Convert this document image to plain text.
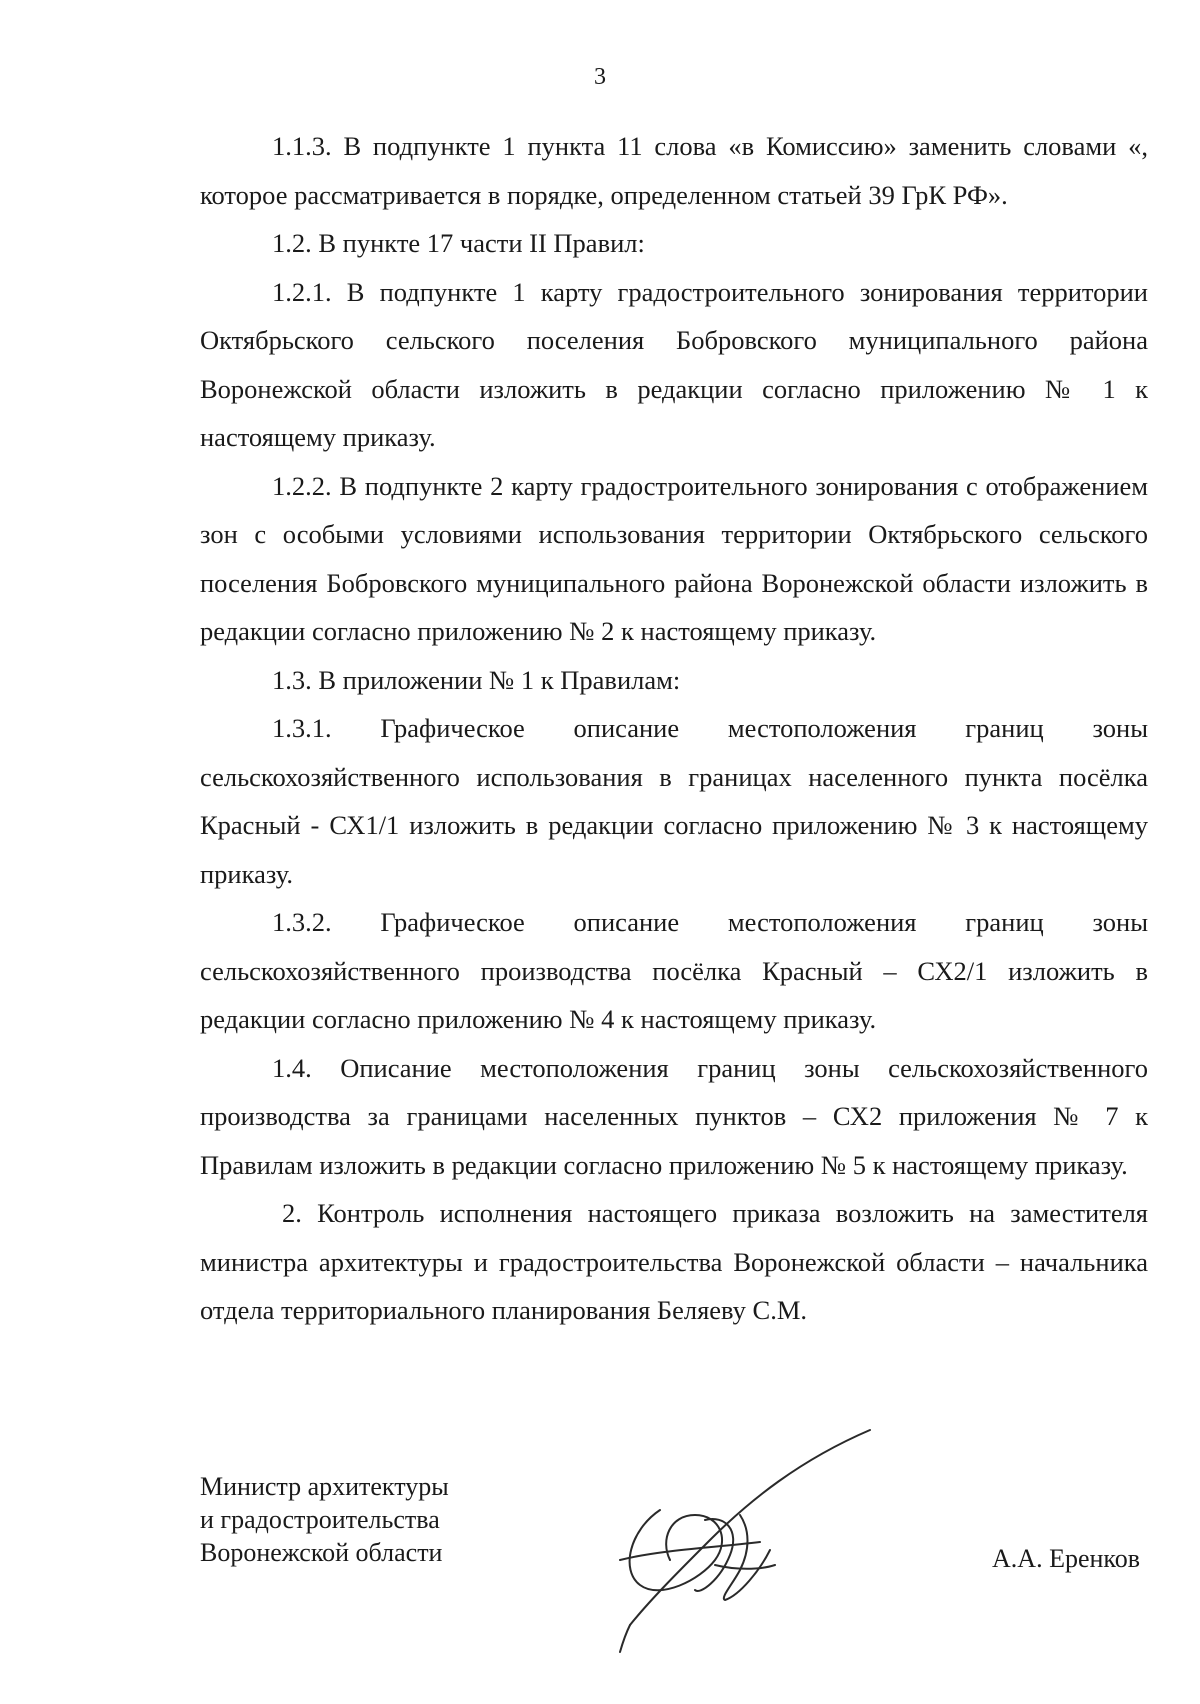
3

1.1.3. В подпункте 1 пункта 11 слова «в Комиссию» заменить словами «, которое рассматривается в порядке, определенном статьей 39 ГрК РФ».

1.2. В пункте 17 части II Правил:

1.2.1. В подпункте 1 карту градостроительного зонирования территории Октябрьского сельского поселения Бобровского муниципального района Воронежской области изложить в редакции согласно приложению № 1 к настоящему приказу.

1.2.2. В подпункте 2 карту градостроительного зонирования с отображением зон с особыми условиями использования территории Октябрьского сельского поселения Бобровского муниципального района Воронежской области изложить в редакции согласно приложению № 2 к настоящему приказу.

1.3. В приложении № 1 к Правилам:

1.3.1. Графическое описание местоположения границ зоны сельскохозяйственного использования в границах населенного пункта посёлка Красный - СХ1/1 изложить в редакции согласно приложению № 3 к настоящему приказу.

1.3.2. Графическое описание местоположения границ зоны сельскохозяйственного производства посёлка Красный – СХ2/1 изложить в редакции согласно приложению № 4 к настоящему приказу.

1.4. Описание местоположения границ зоны сельскохозяйственного производства за границами населенных пунктов – СХ2 приложения № 7 к Правилам изложить в редакции согласно приложению № 5 к настоящему приказу.

2. Контроль исполнения настоящего приказа возложить на заместителя министра архитектуры и градостроительства Воронежской области – начальника отдела территориального планирования Беляеву С.М.

Министр архитектуры
и градостроительства
Воронежской области	А.А. Еренков
